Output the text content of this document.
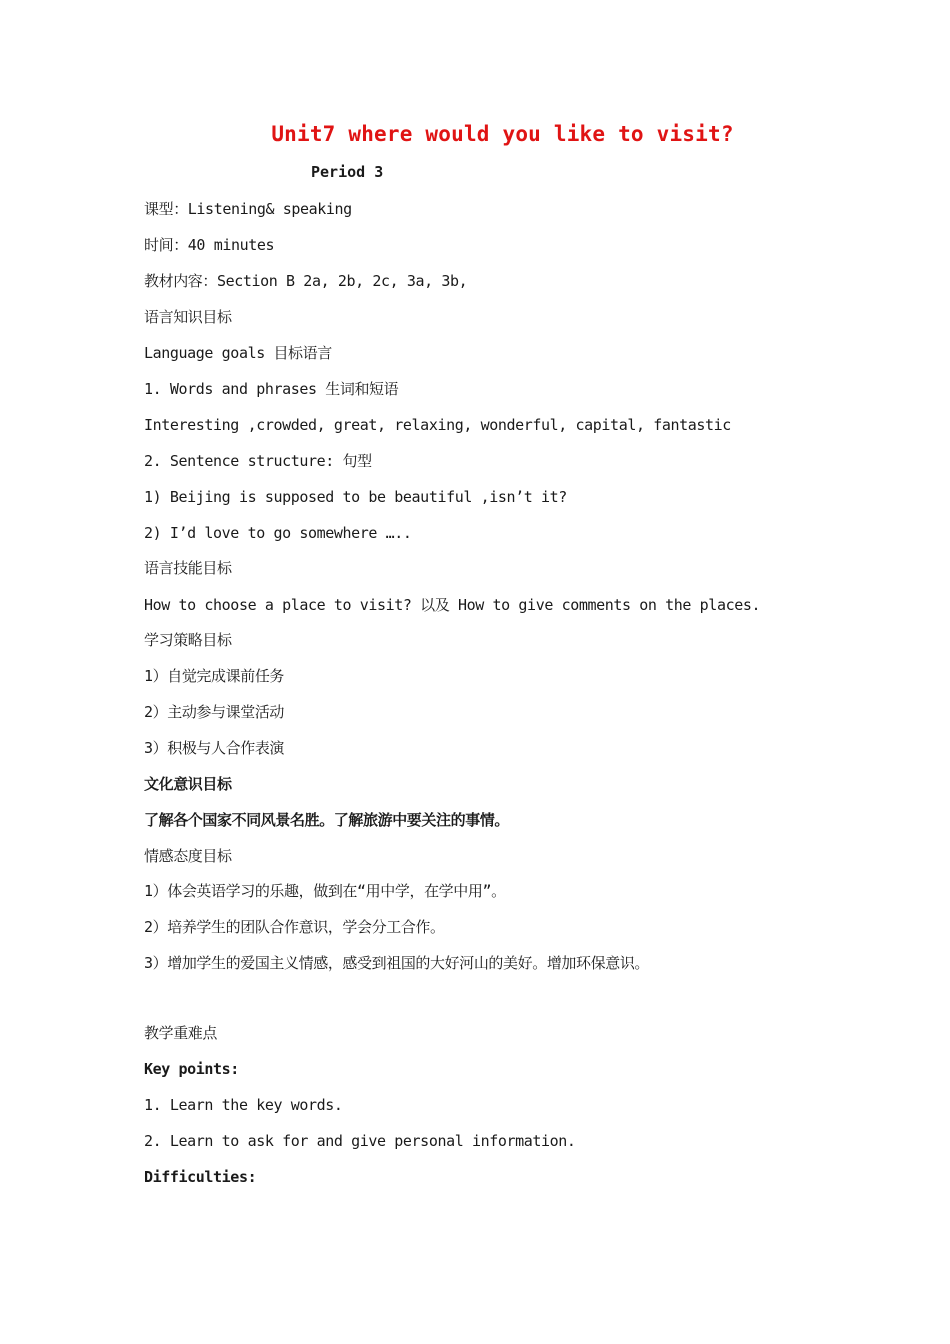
Unit7 where would you like to visit?
Period 3
课型：Listening& speaking
时间：40 minutes
教材内容：Section B 2a, 2b, 2c, 3a, 3b,
语言知识目标
Language goals 目标语言
1. Words and phrases 生词和短语
Interesting ,crowded, great, relaxing, wonderful, capital, fantastic
2. Sentence structure: 句型
1) Beijing is supposed to be beautiful ,isn’t it?
2) I’d love to go somewhere …..
语言技能目标
How to choose a place to visit? 以及 How to give comments on the places.
学习策略目标
1）自觉完成课前任务
2）主动参与课堂活动
3）积极与人合作表演
文化意识目标
了解各个国家不同风景名胜。了解旅游中要关注的事情。
情感态度目标
1）体会英语学习的乐趣，做到在“用中学，在学中用”。
2）培养学生的团队合作意识，学会分工合作。
3）增加学生的爱国主义情感，感受到祖国的大好河山的美好。增加环保意识。
教学重难点
Key points:
1. Learn the key words.
2. Learn to ask for and give personal information.
Difficulties:
